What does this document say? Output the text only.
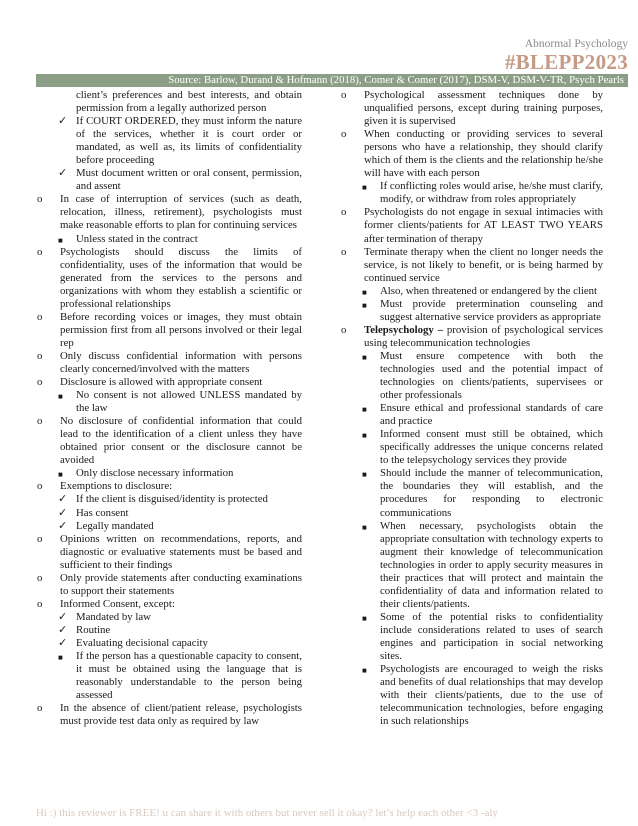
Abnormal Psychology
#BLEPP2023
Source: Barlow, Durand & Hofmann (2018), Comer & Comer (2017), DSM-V, DSM-V-TR, Psych Pearls
client’s preferences and best interests, and obtain permission from a legally authorized person
✓ If COURT ORDERED, they must inform the nature of the services, whether it is court order or mandated, as well as, its limits of confidentiality before proceeding
✓ Must document written or oral consent, permission, and assent
o In case of interruption of services (such as death, relocation, illness, retirement), psychologists must make reasonable efforts to plan for continuing services
■ Unless stated in the contract
o Psychologists should discuss the limits of confidentiality, uses of the information that would be generated from the services to the persons and organizations with whom they establish a scientific or professional relationships
o Before recording voices or images, they must obtain permission first from all persons involved or their legal rep
o Only discuss confidential information with persons clearly concerned/involved with the matters
o Disclosure is allowed with appropriate consent
■ No consent is not allowed UNLESS mandated by the law
o No disclosure of confidential information that could lead to the identification of a client unless they have obtained prior consent or the disclosure cannot be avoided
■ Only disclose necessary information
o Exemptions to disclosure:
✓ If the client is disguised/identity is protected
✓ Has consent
✓ Legally mandated
o Opinions written on recommendations, reports, and diagnostic or evaluative statements must be based and sufficient to their findings
o Only provide statements after conducting examinations to support their statements
o Informed Consent, except:
✓ Mandated by law
✓ Routine
✓ Evaluating decisional capacity
■ If the person has a questionable capacity to consent, it must be obtained using the language that is reasonably understandable to the person being assessed
o In the absence of client/patient release, psychologists must provide test data only as required by law
o Psychological assessment techniques done by unqualified persons, except during training purposes, given it is supervised
o When conducting or providing services to several persons who have a relationship, they should clarify which of them is the clients and the relationship he/she will have with each person
■ If conflicting roles would arise, he/she must clarify, modify, or withdraw from roles appropriately
o Psychologists do not engage in sexual intimacies with former clients/patients for AT LEAST TWO YEARS after termination of therapy
o Terminate therapy when the client no longer needs the service, is not likely to benefit, or is being harmed by continued service
■ Also, when threatened or endangered by the client
■ Must provide pretermination counseling and suggest alternative service providers as appropriate
o Telepsychology – provision of psychological services using telecommunication technologies
■ Must ensure competence with both the technologies used and the potential impact of technologies on clients/patients, supervisees or other professionals
■ Ensure ethical and professional standards of care and practice
■ Informed consent must still be obtained, which specifically addresses the unique concerns related to the telepsychology services they provide
■ Should include the manner of telecommunication, the boundaries they will establish, and the procedures for responding to electronic communications
■ When necessary, psychologists obtain the appropriate consultation with technology experts to augment their knowledge of telecommunication technologies in order to apply security measures in their practices that will protect and maintain the confidentiality of data and information related to their clients/patients.
■ Some of the potential risks to confidentiality include considerations related to uses of search engines and participation in social networking sites.
■ Psychologists are encouraged to weigh the risks and benefits of dual relationships that may develop with their clients/patients, due to the use of telecommunication technologies, before engaging in such relationships
Hi :) this reviewer is FREE! u can share it with others but never sell it okay? let’s help each other <3 -aly
